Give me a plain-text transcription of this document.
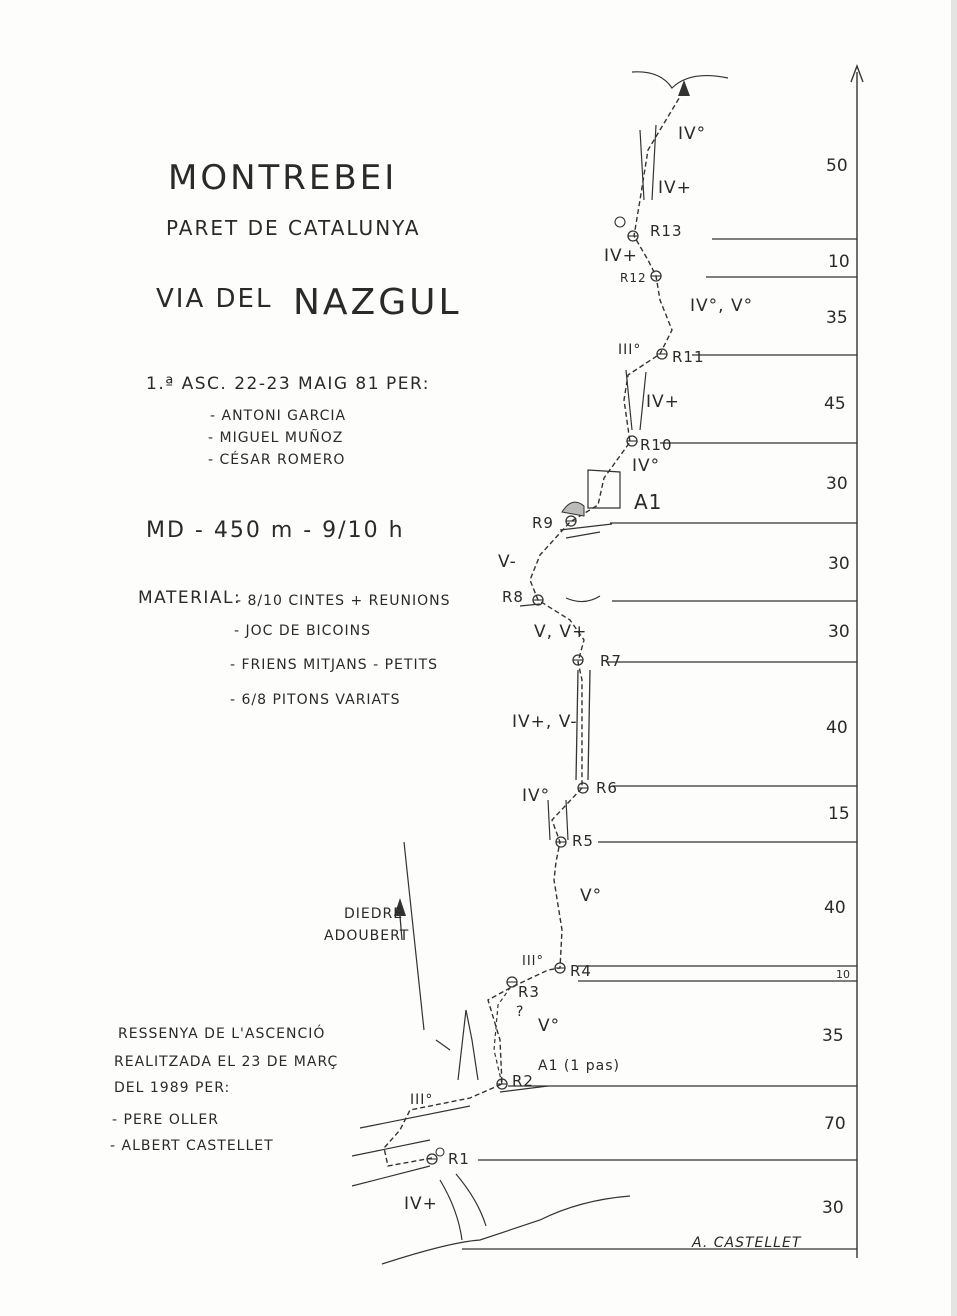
MONTREBEI
PARET DE CATALUNYA
VIA DEL NAZGUL
1.ª ASC. 22-23 MAIG 81 PER:
- ANTONI GARCIA
- MIGUEL MUÑOZ
- CÉSAR ROMERO
MD - 450 m - 9/10 h
MATERIAL:
- 8/10 CINTES + REUNIONS
- JOC DE BICOINS
- FRIENS MITJANS - PETITS
- 6/8 PITONS VARIATS
DIEDRE
ADOUBERT
RESSENYA DE L'ASCENCIÓ
REALITZADA EL 23 DE MARÇ
DEL 1989 PER:
- PERE OLLER
- ALBERT CASTELLET
A. CASTELLET
R1
R2
R3
R4
R5
R6
R7
R8
R9
R10
R11
R12
R13
IV+
III°
V°
III°
V°
IV°
IV+, V-
V, V+
V-
IV°
IV+
III°
IV°, V°
IV+
IV+
IV°
A1
A1 (1 pas)
?
30
70
35
10
40
15
40
30
30
30
45
35
10
50
